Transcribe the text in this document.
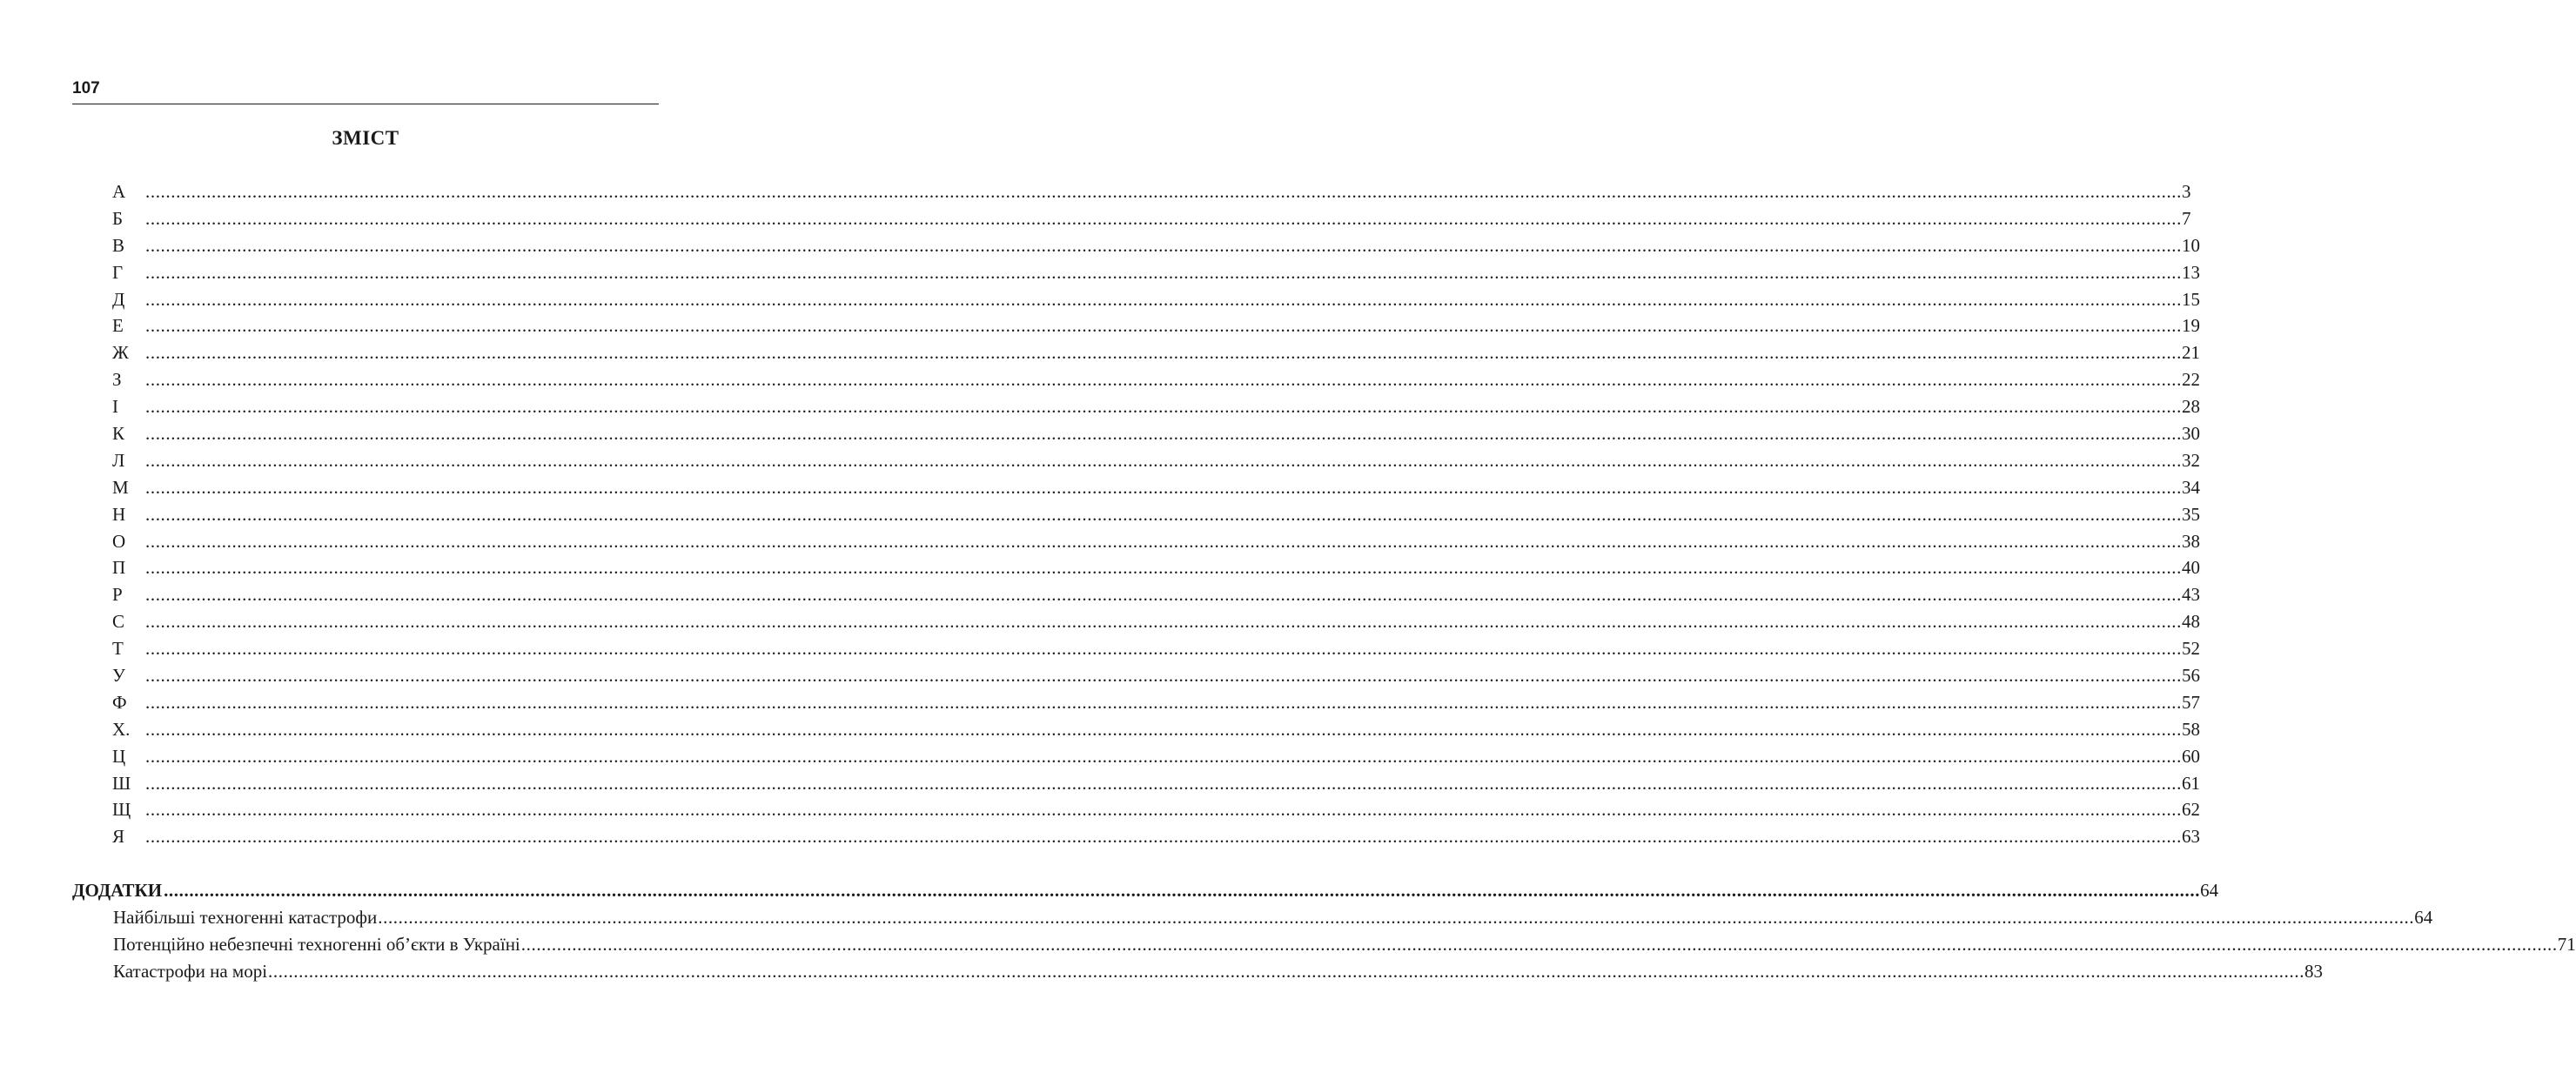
107
ЗМІСТ
А	................................................................................................................................................................................................................................................................................................................................................................................................................ 3
Б	................................................................................................................................................................................................................................................................................................................................................................................................................ 7
В	................................................................................................................................................................................................................................................................................................................................................................................................................ 10
Г	................................................................................................................................................................................................................................................................................................................................................................................................................ 13
Д	................................................................................................................................................................................................................................................................................................................................................................................................................ 15
Е	................................................................................................................................................................................................................................................................................................................................................................................................................ 19
Ж ................................................................................................................................................................................................................................................................................................................................................................................................................ 21
З	................................................................................................................................................................................................................................................................................................................................................................................................................ 22
І	................................................................................................................................................................................................................................................................................................................................................................................................................ 28
К	................................................................................................................................................................................................................................................................................................................................................................................................................ 30
Л	................................................................................................................................................................................................................................................................................................................................................................................................................ 32
М ................................................................................................................................................................................................................................................................................................................................................................................................................ 34
Н	................................................................................................................................................................................................................................................................................................................................................................................................................ 35
О	................................................................................................................................................................................................................................................................................................................................................................................................................ 38
П	................................................................................................................................................................................................................................................................................................................................................................................................................ 40
Р	................................................................................................................................................................................................................................................................................................................................................................................................................ 43
С	................................................................................................................................................................................................................................................................................................................................................................................................................ 48
Т	................................................................................................................................................................................................................................................................................................................................................................................................................ 52
У	................................................................................................................................................................................................................................................................................................................................................................................................................ 56
Ф	................................................................................................................................................................................................................................................................................................................................................................................................................ 57
Х. ................................................................................................................................................................................................................................................................................................................................................................................................................ 58
Ц	................................................................................................................................................................................................................................................................................................................................................................................................................ 60
Ш ................................................................................................................................................................................................................................................................................................................................................................................................................ 61
Щ ................................................................................................................................................................................................................................................................................................................................................................................................................ 62
Я	................................................................................................................................................................................................................................................................................................................................................................................................................ 63
ДОДАТКИ ................................................................................................................................................................................................................................................................................................................................................................................................................ 64
Найбільші техногенні катастрофи ................................................................................................................................................................................................................................................................................................................................................................................................................ 64
Потенційно небезпечні техногенні об’єкти в Україні ................................................................................................................................................................................................................................................................................................................................................................................................................ 71
Катастрофи на морі ................................................................................................................................................................................................................................................................................................................................................................................................................ 83
